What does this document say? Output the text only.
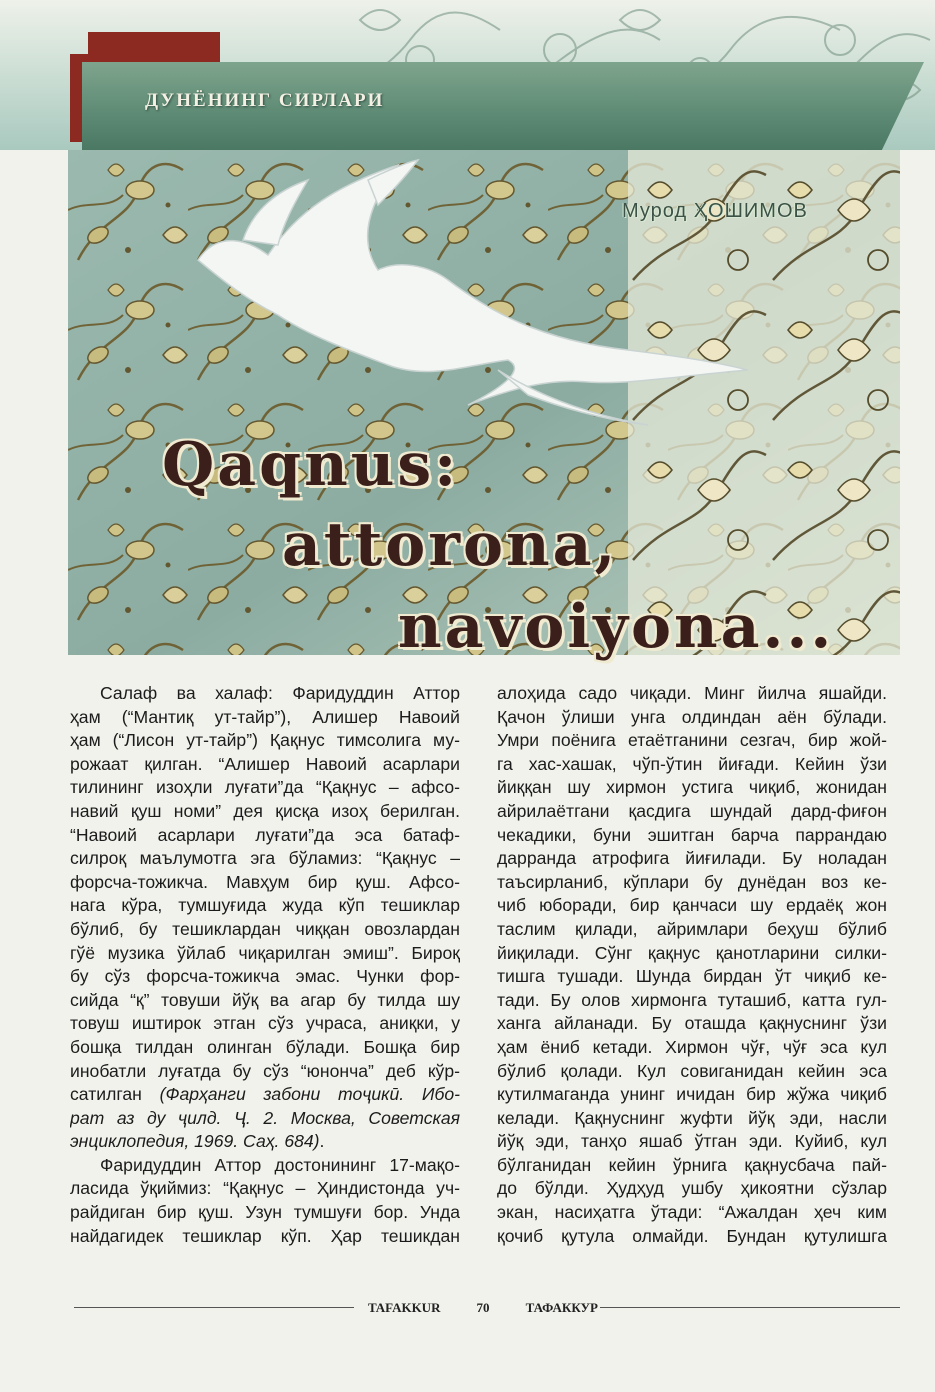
ДУНЁНИНГ СИРЛАРИ
Мурод ҲОШИМОВ
Qaqnus:
attorona,
navoiyona...
Салаф ва халаф: Фаридуддин Аттор
ҳам (“Мантиқ ут-тайр”), Алишер Навоий
ҳам (“Лисон ут-тайр”) Қақнус тимсолига му-
рожаат қилган. “Алишер Навоий асарлари
тилининг изоҳли луғати”да “Қақнус – афсо-
навий қуш номи” дея қисқа изоҳ берилган.
“Навоий асарлари луғати”да эса батаф-
силроқ маълумотга эга бўламиз: “Қақнус –
форсча-тожикча. Мавҳум бир қуш. Афсо-
нага кўра, тумшуғида жуда кўп тешиклар
бўлиб, бу тешиклардан чиққан овозлардан
гўё музика ўйлаб чиқарилган эмиш”. Бироқ
бу сўз форсча-тожикча эмас. Чунки фор-
сийда “қ” товуши йўқ ва агар бу тилда шу
товуш иштирок этган сўз учраса, аниқки, у
бошқа тилдан олинган бўлади. Бошқа бир
инобатли луғатда бу сўз “юнонча” деб кўр-
сатилган (Фарҳанги забони тоҷикӣ. Ибо-
рат аз ду ҷилд. Ҷ. 2. Москва, Советская
энциклопедия, 1969. Саҳ. 684).
Фаридуддин Аттор достонининг 17-мақо-
ласида ўқиймиз: “Қақнус – Ҳиндистонда уч-
райдиган бир қуш. Узун тумшуғи бор. Унда
найдагидек тешиклар кўп. Ҳар тешикдан
алоҳида садо чиқади. Минг йилча яшайди.
Қачон ўлиши унга олдиндан аён бўлади.
Умри поёнига етаётганини сезгач, бир жой-
га хас-хашак, чўп-ўтин йиғади. Кейин ўзи
йиққан шу хирмон устига чиқиб, жонидан
айрилаётгани қасдига шундай дард-фиғон
чекадики, буни эшитган барча паррандаю
дарранда атрофига йиғилади. Бу ноладан
таъсирланиб, кўплари бу дунёдан воз ке-
чиб юборади, бир қанчаси шу ердаёқ жон
таслим қилади, айримлари беҳуш бўлиб
йиқилади. Сўнг қақнус қанотларини силки-
тишга тушади. Шунда бирдан ўт чиқиб ке-
тади. Бу олов хирмонга туташиб, катта гул-
ханга айланади. Бу оташда қақнуснинг ўзи
ҳам ёниб кетади. Хирмон чўғ, чўғ эса кул
бўлиб қолади. Кул совиганидан кейин эса
кутилмаганда унинг ичидан бир жўжа чиқиб
келади. Қақнуснинг жуфти йўқ эди, насли
йўқ эди, танҳо яшаб ўтган эди. Куйиб, кул
бўлганидан кейин ўрнига қақнусбача пай-
до бўлди. Ҳудҳуд ушбу ҳикоятни сўзлар
экан, насиҳатга ўтади: “Ажалдан ҳеч ким
қочиб қутула олмайди. Бундан қутулишга
TAFAKKUR	70	ТАФАККУР
